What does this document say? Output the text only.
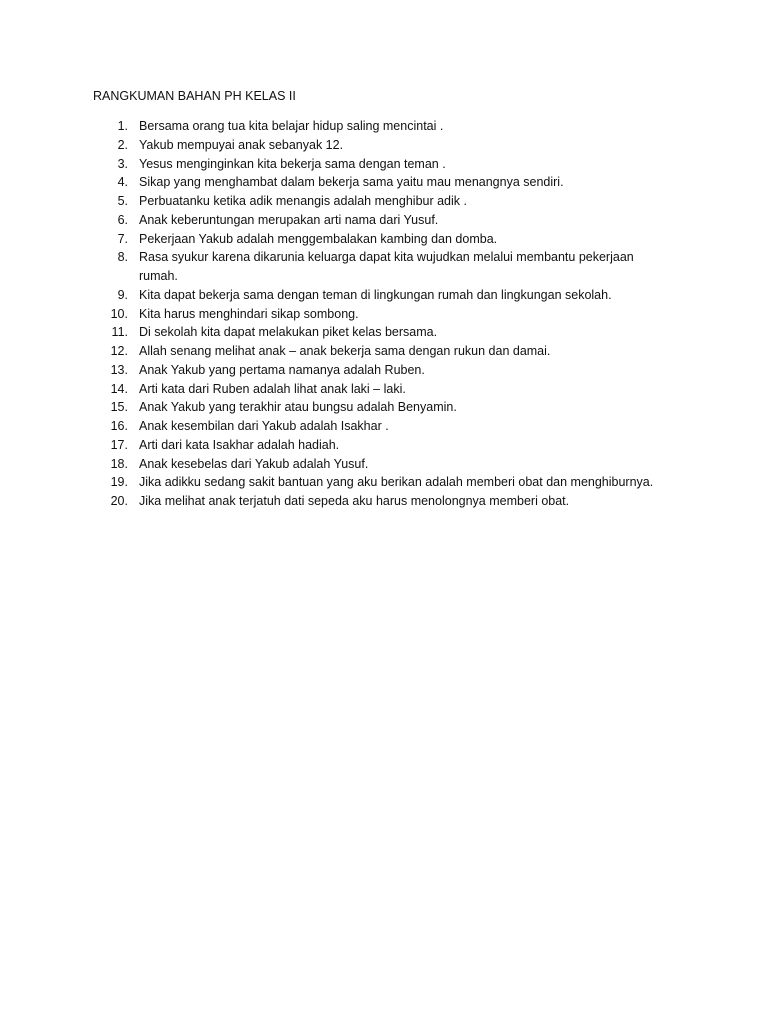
RANGKUMAN BAHAN PH KELAS II
1. Bersama orang tua kita belajar hidup saling mencintai .
2. Yakub mempuyai anak sebanyak 12.
3. Yesus menginginkan kita bekerja sama dengan teman .
4. Sikap yang menghambat dalam bekerja sama yaitu mau menangnya sendiri.
5. Perbuatanku ketika adik menangis adalah menghibur adik .
6. Anak keberuntungan merupakan arti nama dari Yusuf.
7. Pekerjaan Yakub adalah menggembalakan kambing dan domba.
8. Rasa syukur karena dikarunia keluarga dapat kita wujudkan melalui membantu pekerjaan rumah.
9. Kita dapat bekerja sama dengan teman di lingkungan rumah dan lingkungan sekolah.
10. Kita harus menghindari sikap sombong.
11. Di sekolah kita dapat melakukan piket kelas bersama.
12. Allah senang melihat anak – anak bekerja sama dengan rukun dan damai.
13. Anak Yakub yang pertama namanya adalah Ruben.
14. Arti kata dari Ruben adalah lihat anak laki – laki.
15. Anak Yakub yang terakhir atau bungsu adalah Benyamin.
16. Anak kesembilan dari Yakub adalah Isakhar .
17. Arti dari kata Isakhar adalah hadiah.
18. Anak kesebelas dari Yakub adalah Yusuf.
19. Jika adikku sedang sakit bantuan yang aku berikan adalah memberi obat dan menghiburnya.
20. Jika melihat anak terjatuh dati sepeda aku harus menolongnya memberi obat.
